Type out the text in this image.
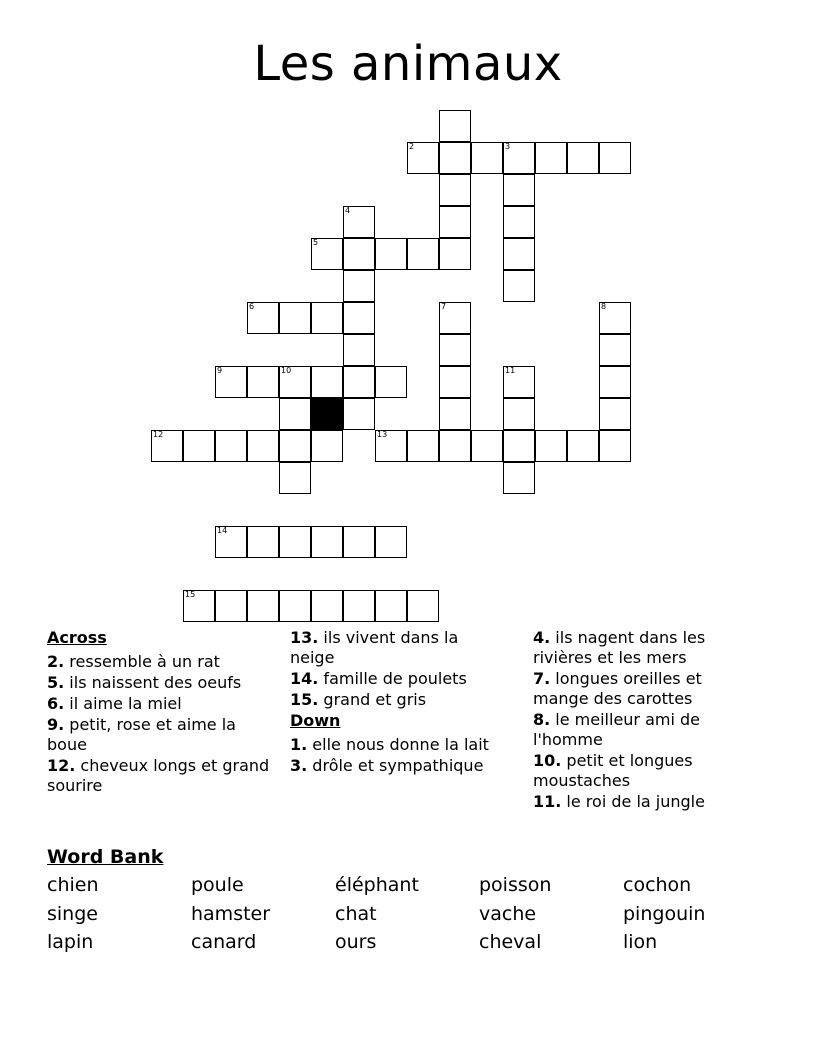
Les animaux
2	3
4
5
6	7	8
9	10	11
12	13
14
15
Across
2. ressemble à un rat
5. ils naissent des oeufs
6. il aime la miel
9. petit, rose et aime la boue
12. cheveux longs et grand sourire
13. ils vivent dans la neige
14. famille de poulets
15. grand et gris
Down
1. elle nous donne la lait
3. drôle et sympathique
4. ils nagent dans les rivières et les mers
7. longues oreilles et mange des carottes
8. le meilleur ami de l'homme
10. petit et longues moustaches
11. le roi de la jungle
Word Bank
chien	poule	éléphant	poisson	cochon
singe	hamster	chat	vache	pingouin
lapin	canard	ours	cheval	lion
